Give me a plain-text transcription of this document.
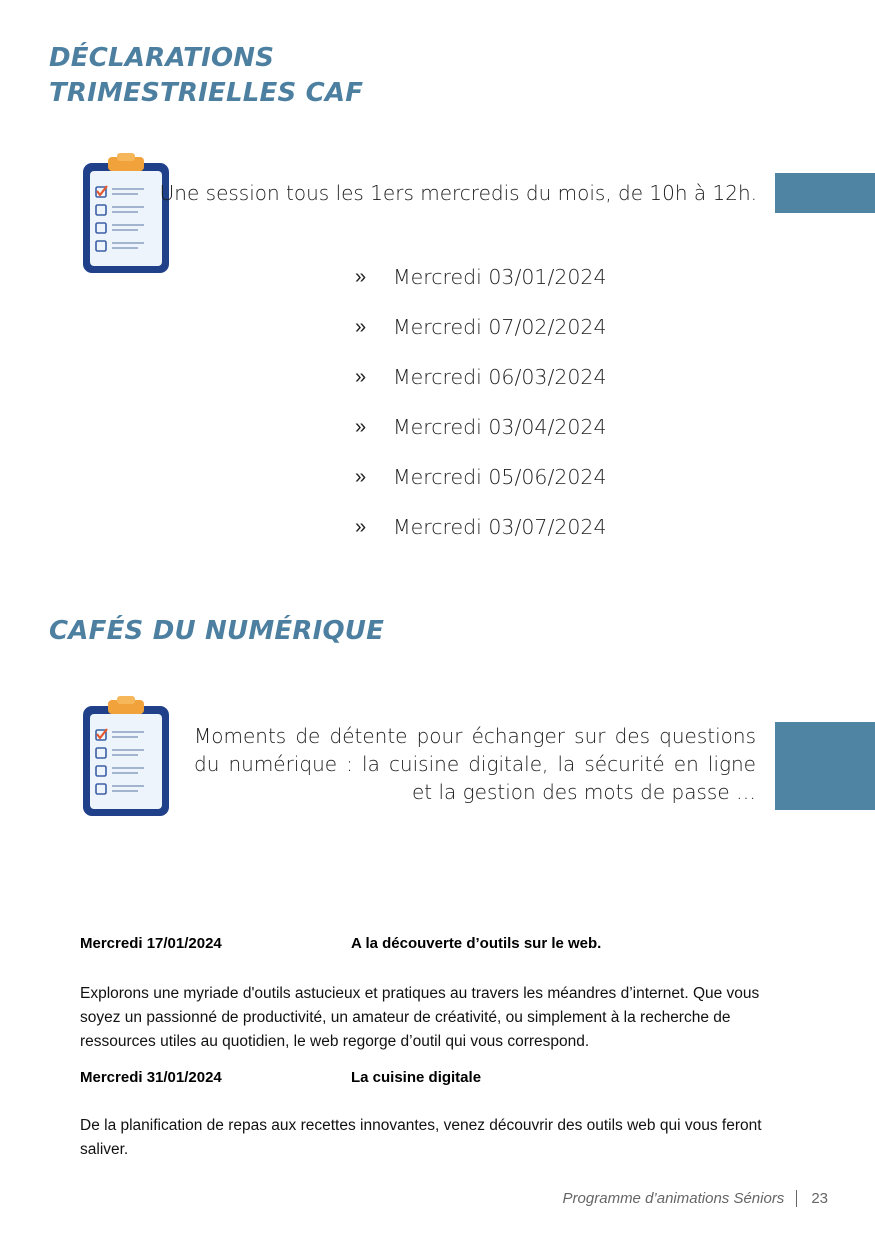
DÉCLARATIONS
TRIMESTRIELLES CAF

Une session tous les 1ers mercredis du mois, de 10h à 12h.

»	Mercredi 03/01/2024
»	Mercredi 07/02/2024
»	Mercredi 06/03/2024
»	Mercredi 03/04/2024
»	Mercredi 05/06/2024
»	Mercredi 03/07/2024
CAFÉS DU NUMÉRIQUE

Moments de détente pour échanger sur des questions du numérique : la cuisine digitale, la sécurité en ligne et la gestion des mots de passe …

Mercredi 17/01/2024	A la découverte d’outils sur le web.

Explorons une myriade d'outils astucieux et pratiques au travers les méandres d’internet. Que vous soyez un passionné de productivité, un amateur de créativité, ou simplement à la recherche de ressources utiles au quotidien, le web regorge d’outil qui vous correspond.

Mercredi 31/01/2024	La cuisine digitale

De la planification de repas aux recettes innovantes, venez découvrir des outils web qui vous feront saliver.

Programme d’animations Séniors 23
